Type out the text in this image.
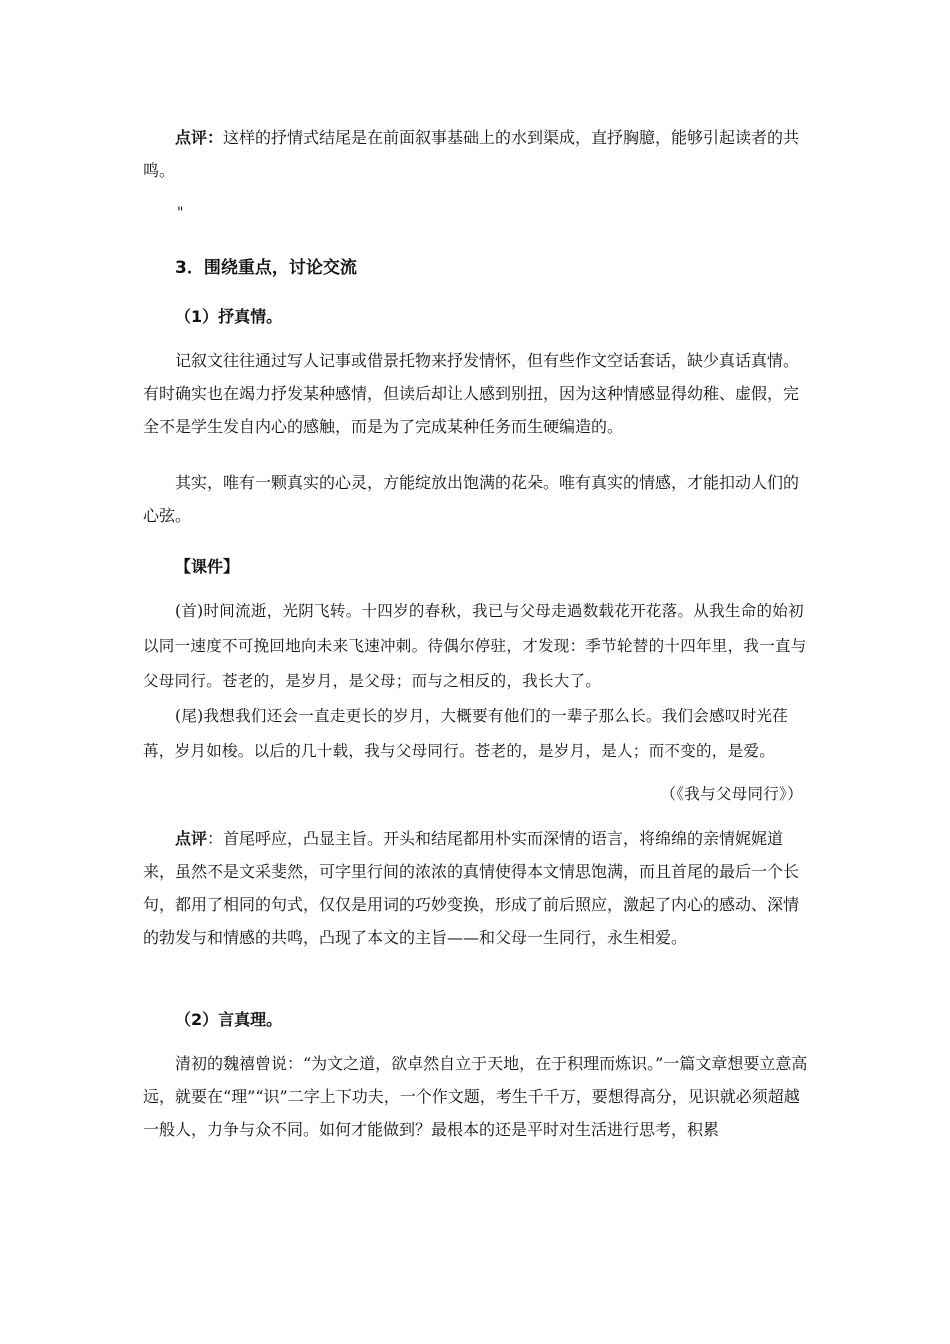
点评：这样的抒情式结尾是在前面叙事基础上的水到渠成，直抒胸臆，能够引起读者的共鸣。

"

3．围绕重点，讨论交流

（1）抒真情。

记叙文往往通过写人记事或借景托物来抒发情怀，但有些作文空话套话，缺少真话真情。有时确实也在竭力抒发某种感情，但读后却让人感到别扭，因为这种情感显得幼稚、虚假，完全不是学生发自内心的感触，而是为了完成某种任务而生硬编造的。

其实，唯有一颗真实的心灵，方能绽放出饱满的花朵。唯有真实的情感，才能扣动人们的心弦。

【课件】

(首)时间流逝，光阴飞转。十四岁的春秋，我已与父母走過数载花开花落。从我生命的始初以同一速度不可挽回地向未来飞速冲刺。待偶尔停驻，才发现：季节轮替的十四年里，我一直与父母同行。苍老的，是岁月，是父母；而与之相反的，我长大了。

(尾)我想我们还会一直走更长的岁月，大概要有他们的一辈子那么长。我们会感叹时光荏苒，岁月如梭。以后的几十载，我与父母同行。苍老的，是岁月，是人；而不变的，是爱。

（《我与父母同行》）

点评：首尾呼应，凸显主旨。开头和结尾都用朴实而深情的语言，将绵绵的亲情娓娓道来，虽然不是文采斐然，可字里行间的浓浓的真情使得本文情思饱满，而且首尾的最后一个长句，都用了相同的句式，仅仅是用词的巧妙变换，形成了前后照应，激起了内心的感动、深情的勃发与和情感的共鸣，凸现了本文的主旨——和父母一生同行，永生相爱。

（2）言真理。

清初的魏禧曾说：“为文之道，欲卓然自立于天地，在于积理而炼识。”一篇文章想要立意高远，就要在“理”“识”二字上下功夫，一个作文题，考生千千万，要想得高分，见识就必须超越一般人，力争与众不同。如何才能做到？最根本的还是平时对生活进行思考，积累
